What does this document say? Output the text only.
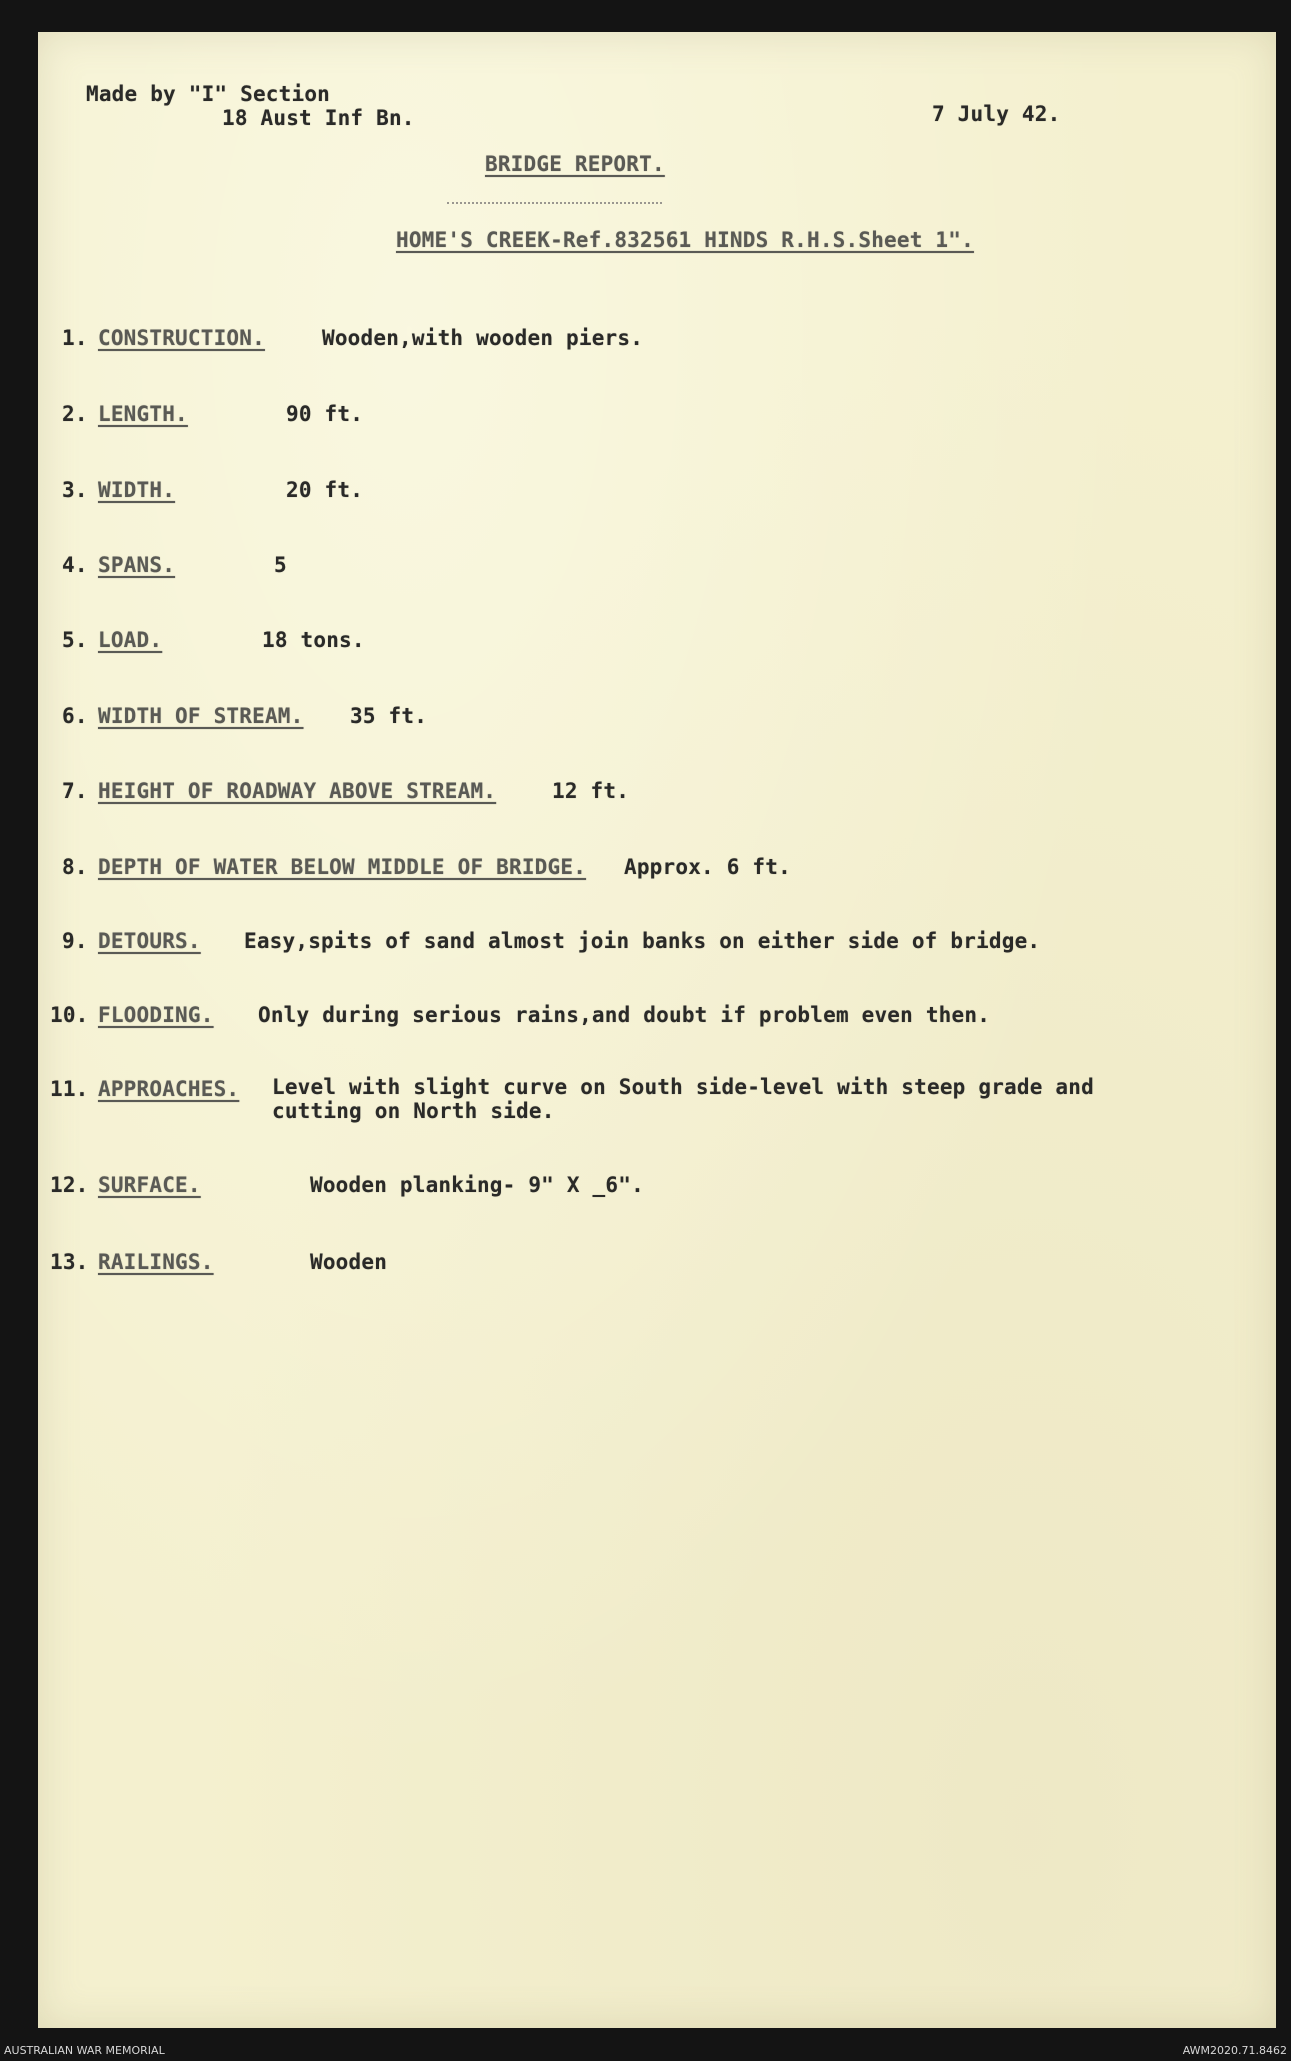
Made by "I" Section
18 Aust Inf Bn.	7 July 42.
BRIDGE REPORT.
HOME'S CREEK-Ref.832561 HINDS R.H.S.Sheet 1".
1. CONSTRUCTION.	Wooden,with wooden piers.
2. LENGTH.	90 ft.
3. WIDTH.	20 ft.
4. SPANS.	5
5. LOAD.	18 tons.
6. WIDTH OF STREAM. 35 ft.
7. HEIGHT OF ROADWAY ABOVE STREAM.	12 ft.
8. DEPTH OF WATER BELOW MIDDLE OF BRIDGE. Approx. 6 ft.
9. DETOURS. Easy,spits of sand almost join banks on either side of bridge.
10. FLOODING. Only during serious rains,and doubt if problem even then.
11. APPROACHES. Level with slight curve on South side-level with steep grade and cutting on North side.
12. SURFACE.	Wooden planking- 9" X _6".
13. RAILINGS.	Wooden
AUSTRALIAN WAR MEMORIAL	AWM2020.71.8462
